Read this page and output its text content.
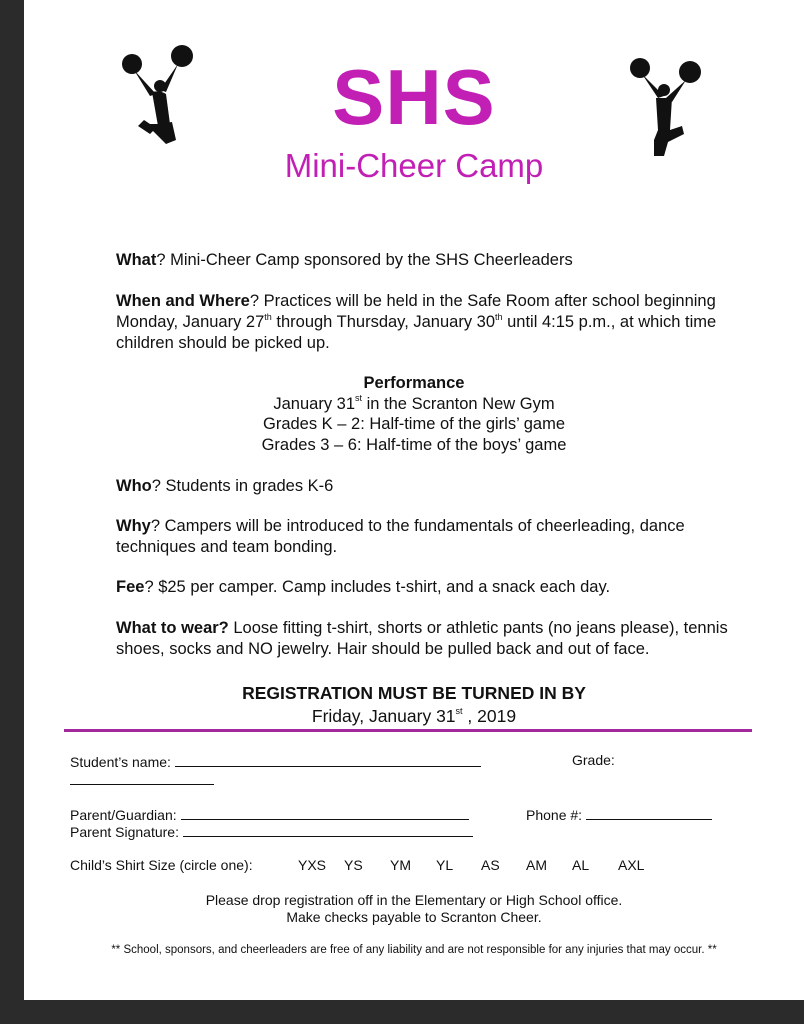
SHS
Mini-Cheer Camp
What? Mini-Cheer Camp sponsored by the SHS Cheerleaders
When and Where? Practices will be held in the Safe Room after school beginning Monday, January 27th through Thursday, January 30th until 4:15 p.m., at which time children should be picked up.
Performance
January 31st in the Scranton New Gym
Grades K – 2: Half-time of the girls’ game
Grades 3 – 6: Half-time of the boys’ game
Who? Students in grades K-6
Why? Campers will be introduced to the fundamentals of cheerleading, dance techniques and team bonding.
Fee? $25 per camper. Camp includes t-shirt, and a snack each day.
What to wear? Loose fitting t-shirt, shorts or athletic pants (no jeans please), tennis shoes, socks and NO jewelry. Hair should be pulled back and out of face.
REGISTRATION MUST BE TURNED IN BY
Friday, January 31st , 2019
Student’s name:	Grade:
Parent/Guardian:	Phone #:
Parent Signature:
Child’s Shirt Size (circle one):	YXS YS YM YL AS AM AL AXL
Please drop registration off in the Elementary or High School office.
Make checks payable to Scranton Cheer.
** School, sponsors, and cheerleaders are free of any liability and are not responsible for any injuries that may occur. **
